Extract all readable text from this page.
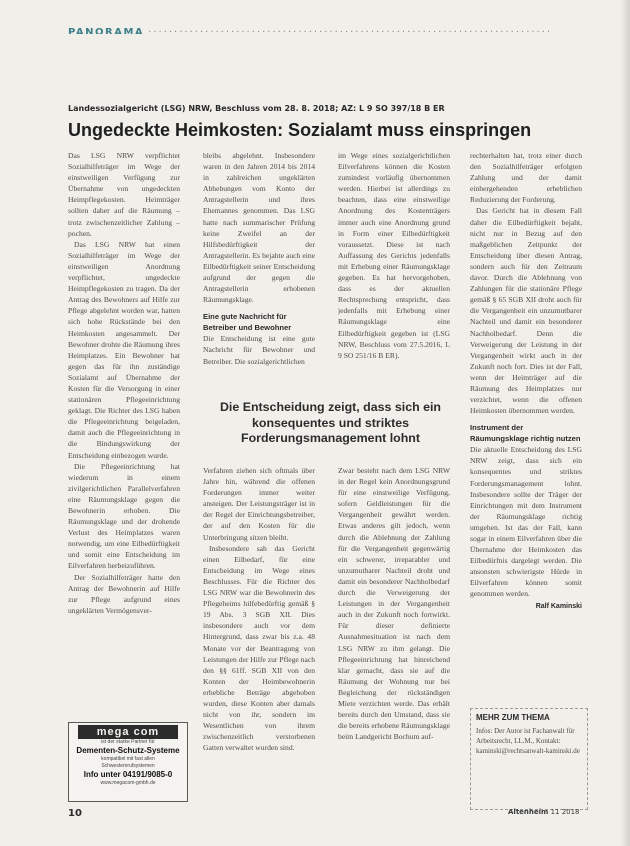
PANORAMA ··············································································
Landessozialgericht (LSG) NRW, Beschluss vom 28. 8. 2018; AZ: L 9 SO 397/18 B ER
Ungedeckte Heimkosten: Sozialamt muss einspringen

Das LSG NRW verpflichtet Sozialhilfeträger im Wege der einstweiligen Verfügung zur Übernahme von ungedeckten Heimpflegekosten. Heimträger sollten daher auf die Räumung – trotz zwischenzeitlicher Zahlung – pochen.

Das LSG NRW hat einen Sozialhilfeträger im Wege der einstweiligen Anordnung verpflichtet, ungedeckte Heimpflegekosten zu tragen. Da der Antrag des Bewohners auf Hilfe zur Pflege abgelehnt worden war, hatten sich hohe Rückstände bei den Heimkosten angesammelt. Der Bewohner drohte die Räumung ihres Heimplatzes. Ein Bewohner hat gegen das für ihn zuständige Sozialamt auf Übernahme der Kosten für die Versorgung in einer stationären Pflegeeinrichtung geklagt. Die Richter des LSG haben die Pflegeeinrichtung beigeladen, damit auch die Pflegeeinrichtung in die Bindungswirkung der Entscheidung einbezogen wurde.

Die Pflegeeinrichtung hat wiederum in einem zivilgerichtlichen Parallelverfahren eine Räumungsklage gegen die Bewohnerin erhoben. Die Räumungsklage und der drohende Verlust des Heimplatzes waren notwendig, um eine Eilbedürftigkeit und somit eine Entscheidung im Eilverfahren herbeizuführen.

Der Sozialhilfeträger hatte den Antrag der Bewohnerin auf Hilfe zur Pflege aufgrund eines ungeklärten Vermögensver-

bleibs abgelehnt. Insbesondere waren in den Jahren 2014 bis 2014 in zahlreichen ungeklärten Abhebungen vom Konto der Antragstellerin und ihres Ehemannes genommen. Das LSG hatte nach summarischer Prüfung keine Zweifel an der Hilfsbedürftigkeit der Antragstellerin. Es bejahte auch eine Eilbedürftigkeit seiner Entscheidung aufgrund der gegen die Antragstellerin erhobenen Räumungsklage.

Eine gute Nachricht für Betreiber und Bewohner

Die Entscheidung ist eine gute Nachricht für Bewohner und Betreiber. Die sozialgerichtlichen

im Wege eines sozialgerichtlichen Eilverfahrens können die Kosten zumindest vorläufig übernommen werden. Hierbei ist allerdings zu beachten, dass eine einstweilige Anordnung des Kostenträgers immer auch eine Anordnung grund in Form einer Eilbedürftigkeit voraussetzt. Diese ist nach Auffassung des Gerichts jedenfalls mit Erhebung einer Räumungsklage gegeben. Es hat hervorgehoben, dass es der aktuellen Rechtsprechung entspricht, dass jedenfalls mit Erhebung einer Räumungsklage eine Eilbedürftigkeit gegeben ist (LSG NRW, Beschluss vom 27.5.2016, L 9 SO 251/16 B ER).

Die Entscheidung zeigt, dass sich ein konsequentes und striktes Forderungsmanagement lohnt

Verfahren ziehen sich oftmals über Jahre hin, während die offenen Forderungen immer weiter ansteigen. Der Leistungsträger ist in der Regel der Einrichtungsbetreiber, der auf den Kosten für die Unterbringung sitzen bleibt.

Insbesondere sah das Gericht einen Eilbedarf, für eine Entscheidung im Wege eines Beschlusses. Für die Richter des LSG NRW war die Bewohnerin des Pflegeheims hilfebedürftig gemäß § 19 Abs. 3 SGB XII. Dies insbesondere auch vor dem Hintergrund, dass zwar bis z.a. 48 Monate vor der Beantragung von Leistungen der Hilfe zur Pflege nach den §§ 61ff. SGB XII von den Konten der Heimbewohnerin erhebliche Beträge abgehoben wurden, diese Konten aber damals nicht von ihr, sondern im Wesentlichen von ihrem zwischenzeitlich verstorbenen Gatten verwaltet wurden sind.

Zwar besteht nach dem LSG NRW in der Regel kein Anordnungsgrund für eine einstweilige Verfügung, sofern Geldleistungen für die Vergangenheit gewährt werden. Etwas anderes gilt jedoch, wenn durch die Ablehnung der Zahlung für die Vergangenheit gegenwärtig ein schwerer, irreparabler und unzumutbarer Nachteil droht und damit ein besonderer Nachholbedarf durch die Verweigerung der Leistungen in der Vergangenheit auch in der Zukunft noch fortwirkt. Für dieser definierte Ausnahmesituation ist nach dem LSG NRW zu ihm gelangt. Die Pflegeeinrichtung hat hinreichend klar gemacht, dass sie auf die Räumung der Wohnung nur bei Begleichung der rückständigen Miete verzichten werde. Das erhält bereits durch den Umstand, dass sie die bereits erhobene Räumungsklage beim Landgericht Bochum auf-

rechterhalten hat, trotz einer durch den Sozialhilfeträger erfolgten Zahlung und der damit einhergehenden erheblichen Reduzierung der Forderung.

Das Gericht hat in diesem Fall daher die Eilbedürftigkeit bejaht, nicht nur in Bezug auf den maßgeblichen Zeitpunkt der Entscheidung über diesen Antrag, sondern auch für den Zeitraum davor. Durch die Ablehnung von Zahlungen für die stationäre Pflege gemäß § 65 SGB XII droht auch für die Vergangenheit ein unzumutbarer Nachteil und damit ein besonderer Nachholbedarf. Denn die Verweigerung der Leistung in der Vergangenheit wirkt auch in der Zukunft noch fort. Dies ist der Fall, wenn der Heimträger auf die Räumung des Heimplatzes nur verzichtet, wenn die offenen Heimkosten übernommen werden.

Instrument der Räumungsklage richtig nutzen

Die aktuelle Entscheidung des LSG NRW zeigt, dass sich ein konsequentes und striktes Forderungsmanagement lohnt. Insbesondere sollte der Träger der Einrichtungen mit dem Instrument der Räumungsklage richtig umgehen. Ist das der Fall, kann sogar in einem Eilverfahren über die Übernahme der Heimkosten das Eilbedürfnis dargelegt werden. Die ansonsten schwierigste Hürde in Eilverfahren können somit genommen werden.

Ralf Kaminski
mega com
ist der starke Partner für
Dementen-Schutz-Systeme
kompatibel mit fast allen
Schwesternrufsystemen
Info unter 04191/9085-0
www.megacom-gmbh.de
MEHR ZUM THEMA
Infos: Der Autor ist Fachanwalt für Arbeitsrecht, LL.M., Kontakt: kaminski@rechtsanwalt-kaminski.de
10	Altenheim 11 2018
